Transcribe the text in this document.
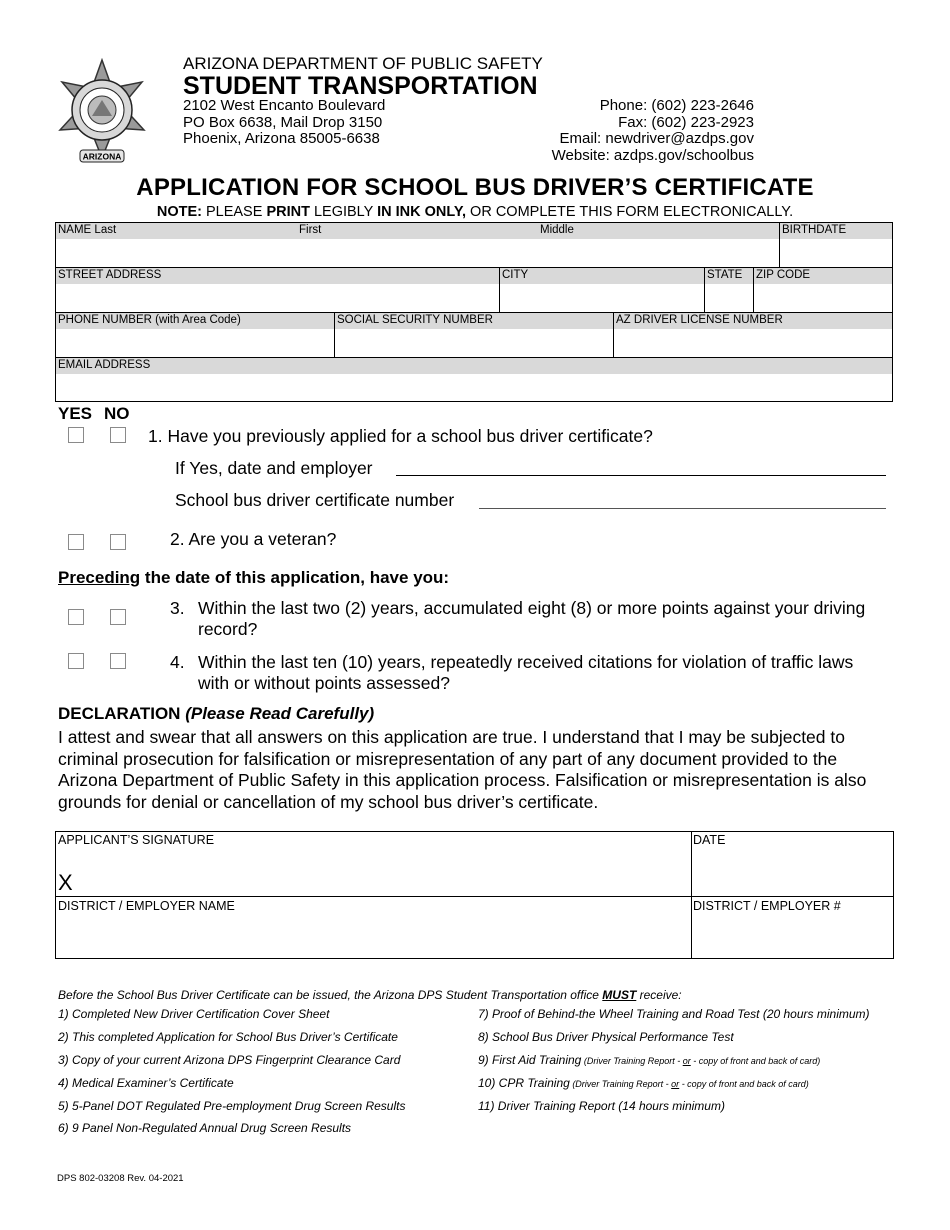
ARIZONA
ARIZONA DEPARTMENT OF PUBLIC SAFETY
STUDENT TRANSPORTATION
2102 West Encanto Boulevard
PO Box 6638, Mail Drop 3150
Phoenix, Arizona 85005-6638
Phone: (602) 223-2646
Fax: (602) 223-2923
Email: newdriver@azdps.gov
Website: azdps.gov/schoolbus
APPLICATION FOR SCHOOL BUS DRIVER’S CERTIFICATE
NOTE: PLEASE PRINT LEGIBLY IN INK ONLY, OR COMPLETE THIS FORM ELECTRONICALLY.
NAME Last	First	Middle	BIRTHDATE
STREET ADDRESS	CITY	STATE ZIP CODE
PHONE NUMBER (with Area Code)	SOCIAL SECURITY NUMBER	AZ DRIVER LICENSE NUMBER
EMAIL ADDRESS
YES NO
1. Have you previously applied for a school bus driver certificate?
If Yes, date and employer
School bus driver certificate number
2. Are you a veteran?
Preceding the date of this application, have you:
3. Within the last two (2) years, accumulated eight (8) or more points against your driving record?
4. Within the last ten (10) years, repeatedly received citations for violation of traffic laws with or without points assessed?
DECLARATION (Please Read Carefully)
I attest and swear that all answers on this application are true. I understand that I may be subjected to criminal prosecution for falsification or misrepresentation of any part of any document provided to the Arizona Department of Public Safety in this application process. Falsification or misrepresentation is also grounds for denial or cancellation of my school bus driver’s certificate.
APPLICANT’S SIGNATURE
X
DATE
DISTRICT / EMPLOYER NAME	DISTRICT / EMPLOYER #
Before the School Bus Driver Certificate can be issued, the Arizona DPS Student Transportation office MUST receive:
1) Completed New Driver Certification Cover Sheet
2) This completed Application for School Bus Driver’s Certificate
3) Copy of your current Arizona DPS Fingerprint Clearance Card
4) Medical Examiner’s Certificate
5) 5-Panel DOT Regulated Pre-employment Drug Screen Results
6) 9 Panel Non-Regulated Annual Drug Screen Results
7) Proof of Behind-the Wheel Training and Road Test (20 hours minimum)
8) School Bus Driver Physical Performance Test
9) First Aid Training (Driver Training Report - or - copy of front and back of card)
10) CPR Training (Driver Training Report - or - copy of front and back of card)
11) Driver Training Report (14 hours minimum)
DPS 802-03208 Rev. 04-2021
